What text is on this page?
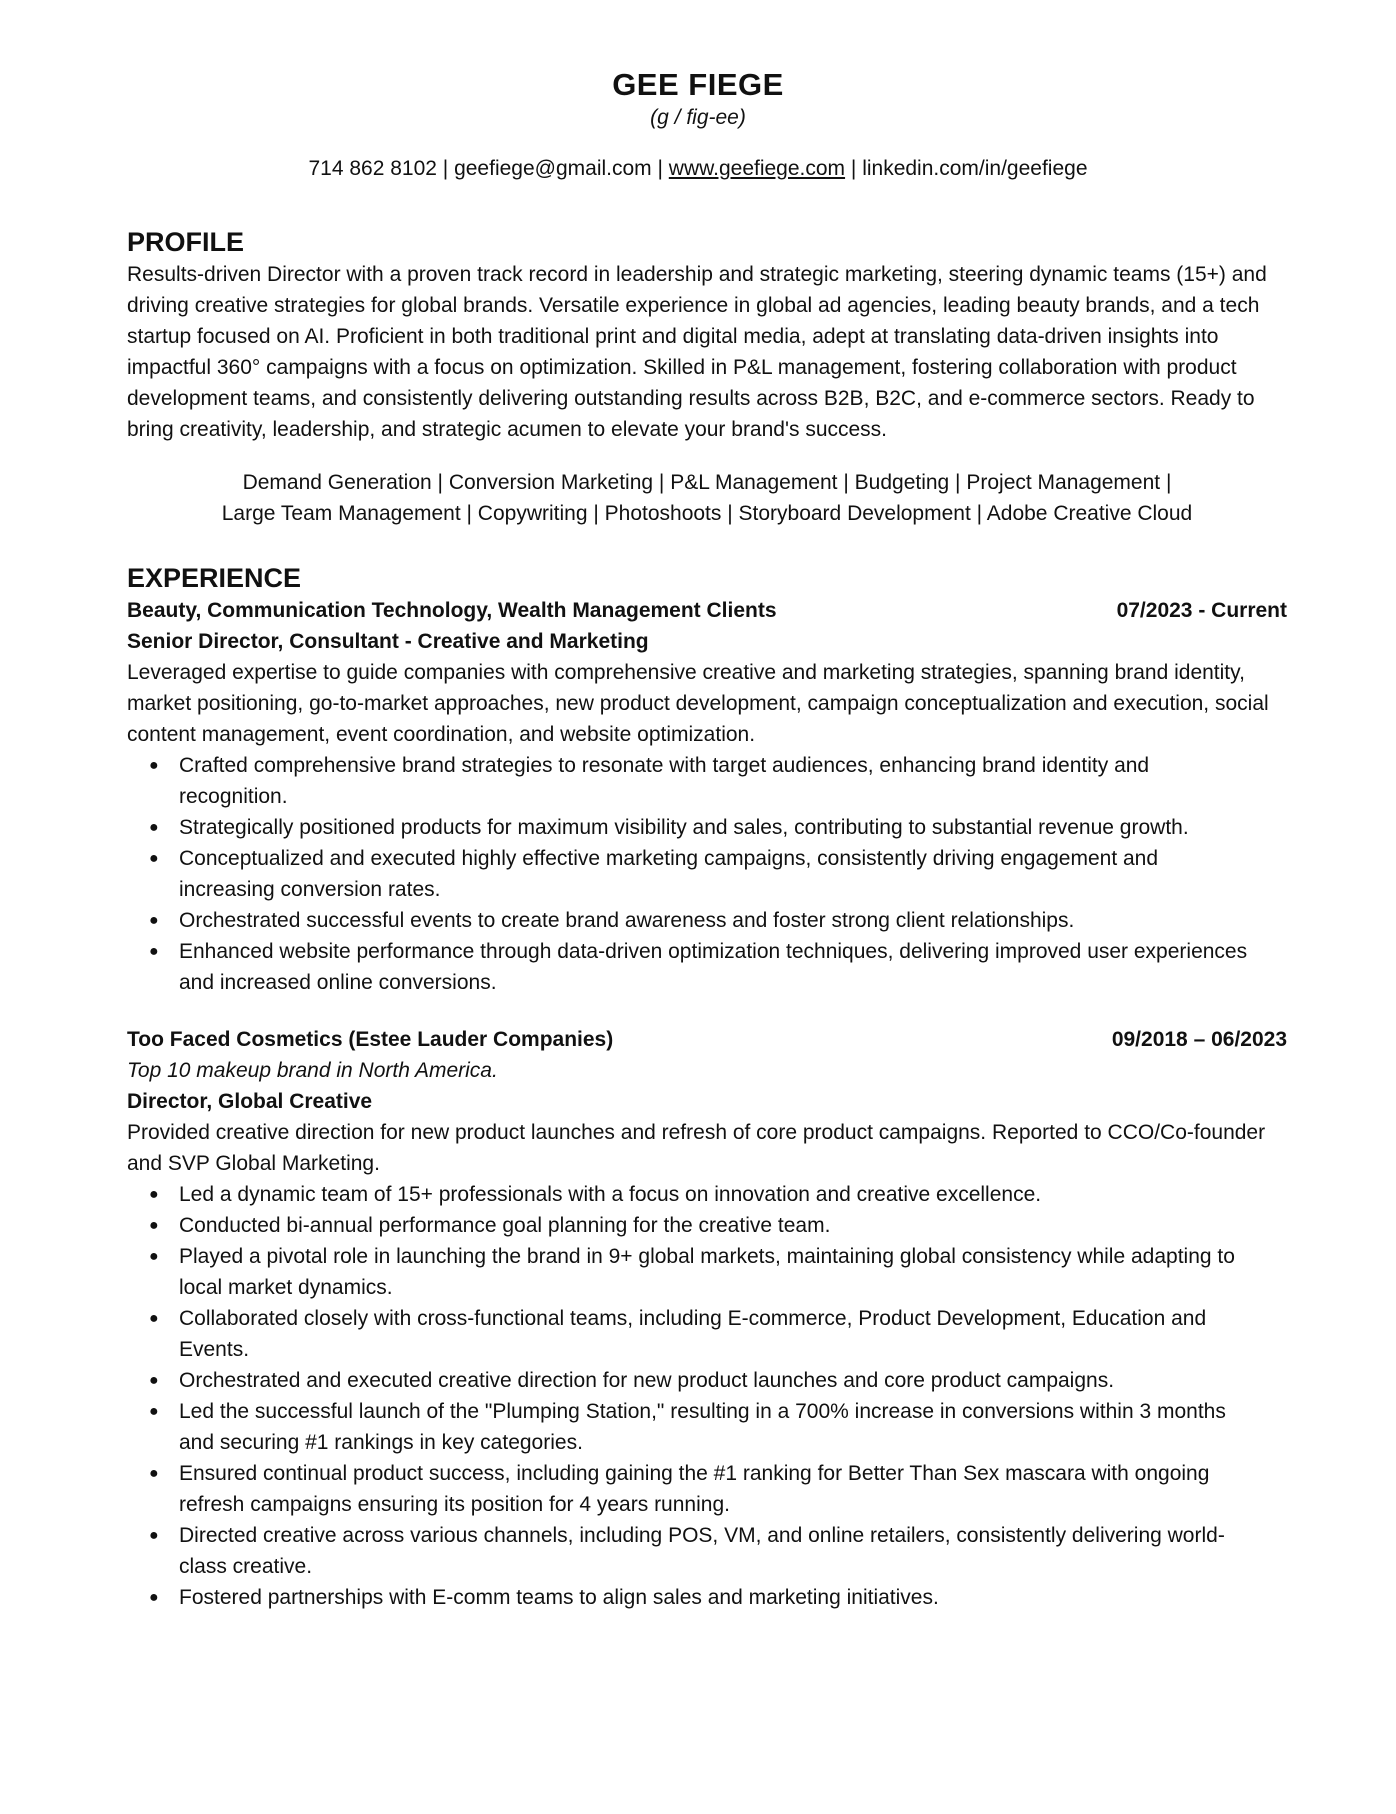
GEE FIEGE
(g / fig-ee)
714 862 8102 | geefiege@gmail.com | www.geefiege.com | linkedin.com/in/geefiege
PROFILE
Results-driven Director with a proven track record in leadership and strategic marketing, steering dynamic teams (15+) and driving creative strategies for global brands. Versatile experience in global ad agencies, leading beauty brands, and a tech startup focused on AI. Proficient in both traditional print and digital media, adept at translating data-driven insights into impactful 360° campaigns with a focus on optimization. Skilled in P&L management, fostering collaboration with product development teams, and consistently delivering outstanding results across B2B, B2C, and e-commerce sectors. Ready to bring creativity, leadership, and strategic acumen to elevate your brand's success.
Demand Generation | Conversion Marketing | P&L Management | Budgeting | Project Management |
Large Team Management | Copywriting | Photoshoots | Storyboard Development | Adobe Creative Cloud
EXPERIENCE
Beauty, Communication Technology, Wealth Management Clients	07/2023 - Current
Senior Director, Consultant - Creative and Marketing
Leveraged expertise to guide companies with comprehensive creative and marketing strategies, spanning brand identity, market positioning, go-to-market approaches, new product development, campaign conceptualization and execution, social content management, event coordination, and website optimization.
● Crafted comprehensive brand strategies to resonate with target audiences, enhancing brand identity and recognition.
● Strategically positioned products for maximum visibility and sales, contributing to substantial revenue growth.
● Conceptualized and executed highly effective marketing campaigns, consistently driving engagement and increasing conversion rates.
● Orchestrated successful events to create brand awareness and foster strong client relationships.
● Enhanced website performance through data-driven optimization techniques, delivering improved user experiences and increased online conversions.
Too Faced Cosmetics (Estee Lauder Companies)	09/2018 – 06/2023
Top 10 makeup brand in North America.
Director, Global Creative
Provided creative direction for new product launches and refresh of core product campaigns. Reported to CCO/Co-founder and SVP Global Marketing.
● Led a dynamic team of 15+ professionals with a focus on innovation and creative excellence.
● Conducted bi-annual performance goal planning for the creative team.
● Played a pivotal role in launching the brand in 9+ global markets, maintaining global consistency while adapting to local market dynamics.
● Collaborated closely with cross-functional teams, including E-commerce, Product Development, Education and Events.
● Orchestrated and executed creative direction for new product launches and core product campaigns.
● Led the successful launch of the "Plumping Station," resulting in a 700% increase in conversions within 3 months and securing #1 rankings in key categories.
● Ensured continual product success, including gaining the #1 ranking for Better Than Sex mascara with ongoing refresh campaigns ensuring its position for 4 years running.
● Directed creative across various channels, including POS, VM, and online retailers, consistently delivering world-class creative.
● Fostered partnerships with E-comm teams to align sales and marketing initiatives.
